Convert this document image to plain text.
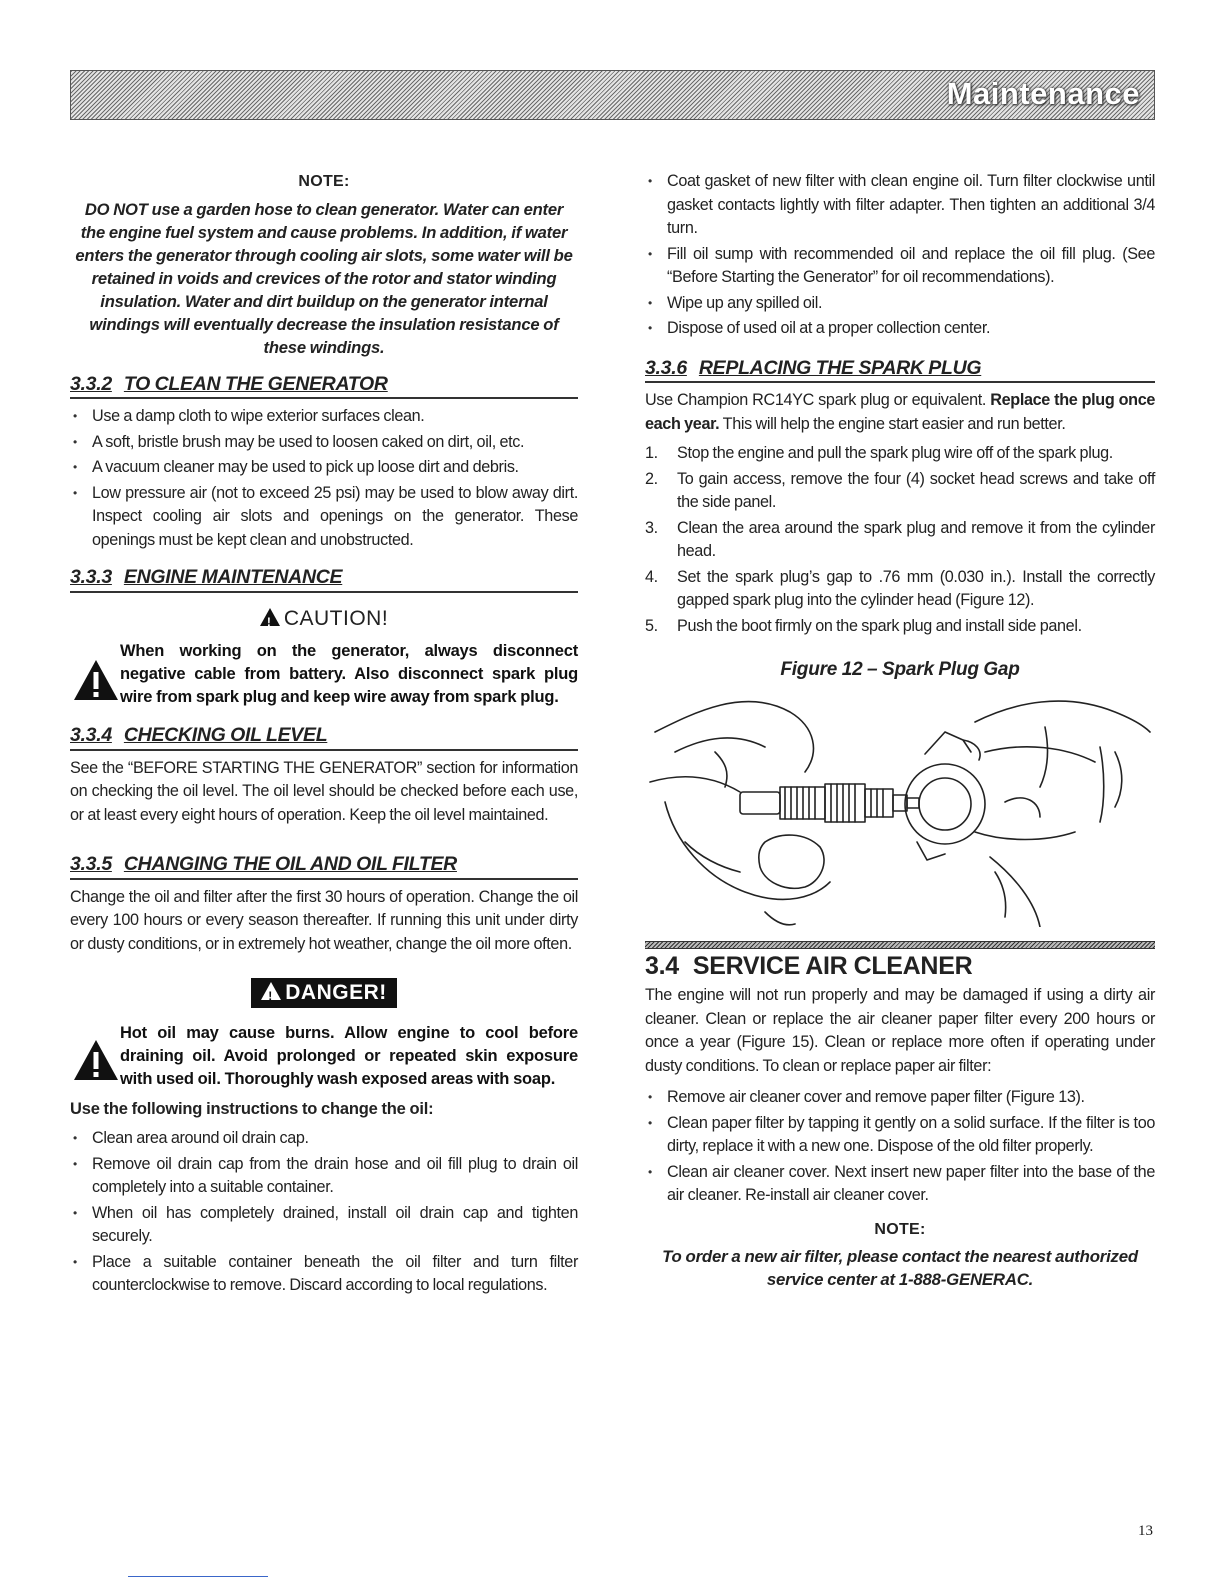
Maintenance
NOTE:
DO NOT use a garden hose to clean generator. Water can enter the engine fuel system and cause problems. In addition, if water enters the generator through cooling air slots, some water will be retained in voids and crevices of the rotor and stator winding insulation. Water and dirt buildup on the generator internal windings will eventually decrease the insulation resistance of these windings.
3.3.2 TO CLEAN THE GENERATOR
• Use a damp cloth to wipe exterior surfaces clean.
• A soft, bristle brush may be used to loosen caked on dirt, oil, etc.
• A vacuum cleaner may be used to pick up loose dirt and debris.
• Low pressure air (not to exceed 25 psi) may be used to blow away dirt. Inspect cooling air slots and openings on the generator. These openings must be kept clean and unobstructed.
3.3.3 ENGINE MAINTENANCE
!CAUTION!
When working on the generator, always disconnect negative cable from battery. Also disconnect spark plug wire from spark plug and keep wire away from spark plug.
3.3.4 CHECKING OIL LEVEL
See the “BEFORE STARTING THE GENERATOR” section for information on checking the oil level. The oil level should be checked before each use, or at least every eight hours of operation. Keep the oil level maintained.
3.3.5 CHANGING THE OIL AND OIL FILTER
Change the oil and filter after the first 30 hours of operation. Change the oil every 100 hours or every season thereafter. If running this unit under dirty or dusty conditions, or in extremely hot weather, change the oil more often.
!DANGER!
Hot oil may cause burns. Allow engine to cool before draining oil. Avoid prolonged or repeated skin exposure with used oil. Thoroughly wash exposed areas with soap.
Use the following instructions to change the oil:
• Clean area around oil drain cap.
• Remove oil drain cap from the drain hose and oil fill plug to drain oil completely into a suitable container.
• When oil has completely drained, install oil drain cap and tighten securely.
• Place a suitable container beneath the oil filter and turn filter counterclockwise to remove. Discard according to local regulations.
• Coat gasket of new filter with clean engine oil. Turn filter clockwise until gasket contacts lightly with filter adapter. Then tighten an additional 3/4 turn.
• Fill oil sump with recommended oil and replace the oil fill plug. (See “Before Starting the Generator” for oil recommendations).
• Wipe up any spilled oil.
• Dispose of used oil at a proper collection center.
3.3.6 REPLACING THE SPARK PLUG
Use Champion RC14YC spark plug or equivalent. Replace the plug once each year. This will help the engine start easier and run better.
1. Stop the engine and pull the spark plug wire off of the spark plug.
2. To gain access, remove the four (4) socket head screws and take off the side panel.
3. Clean the area around the spark plug and remove it from the cylinder head.
4. Set the spark plug’s gap to .76 mm (0.030 in.). Install the correctly gapped spark plug into the cylinder head (Figure 12).
5. Push the boot firmly on the spark plug and install side panel.
Figure 12 – Spark Plug Gap
3.4 SERVICE AIR CLEANER
The engine will not run properly and may be damaged if using a dirty air cleaner. Clean or replace the air cleaner paper filter every 200 hours or once a year (Figure 15). Clean or replace more often if operating under dusty conditions. To clean or replace paper air filter:
• Remove air cleaner cover and remove paper filter (Figure 13).
• Clean paper filter by tapping it gently on a solid surface. If the filter is too dirty, replace it with a new one. Dispose of the old filter properly.
• Clean air cleaner cover. Next insert new paper filter into the base of the air cleaner. Re-install air cleaner cover.
NOTE:
To order a new air filter, please contact the nearest authorized service center at 1-888-GENERAC.
13
